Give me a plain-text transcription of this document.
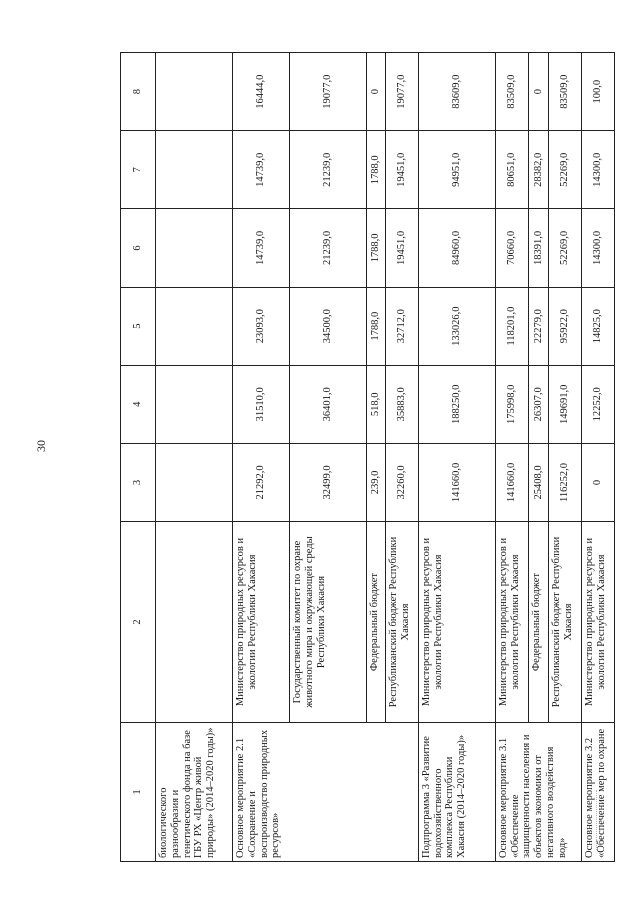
30
1	2	3	4	5	6	7	8
биологического разнообразия и генетического фонда на базе ГБУ РХ «Центр живой природы» (2014–2020 годы)»							
Основное мероприятие 2.1 «Сохранение и воспроизводство природных ресурсов»	Министерство природных ресурсов и экологии Республики Хакасия	21292,0	31510,0	23093,0	14739,0	14739,0	16444,0
	Государственный комитет по охране животного мира и окружающей среды Республики Хакасия	32499,0	36401,0	34500,0	21239,0	21239,0	19077,0
	Федеральный бюджет	239,0	518,0	1788,0	1788,0	1788,0	0
	Республиканский бюджет Республики Хакасия	32260,0	35883,0	32712,0	19451,0	19451,0	19077,0
Подпрограмма 3 «Развитие водохозяйственного комплекса Республики Хакасия (2014–2020 годы)»	Министерство природных ресурсов и экологии Республики Хакасия	141660,0	188250,0	133026,0	84960,0	94951,0	83609,0
Основное мероприятие 3.1 «Обеспечение защищенности населения и объектов экономики от негативного воздействия вод»	Министерство природных ресурсов и экологии Республики Хакасия	141660,0	175998,0	118201,0	70660,0	80651,0	83509,0
	Федеральный бюджет	25408,0	26307,0	22279,0	18391,0	28382,0	0
	Республиканский бюджет Республики Хакасия	116252,0	149691,0	95922,0	52269,0	52269,0	83509,0
Основное мероприятие 3.2 «Обеспечение мер по охране	Министерство природных ресурсов и экологии Республики Хакасия	0	12252,0	14825,0	14300,0	14300,0	100,0
